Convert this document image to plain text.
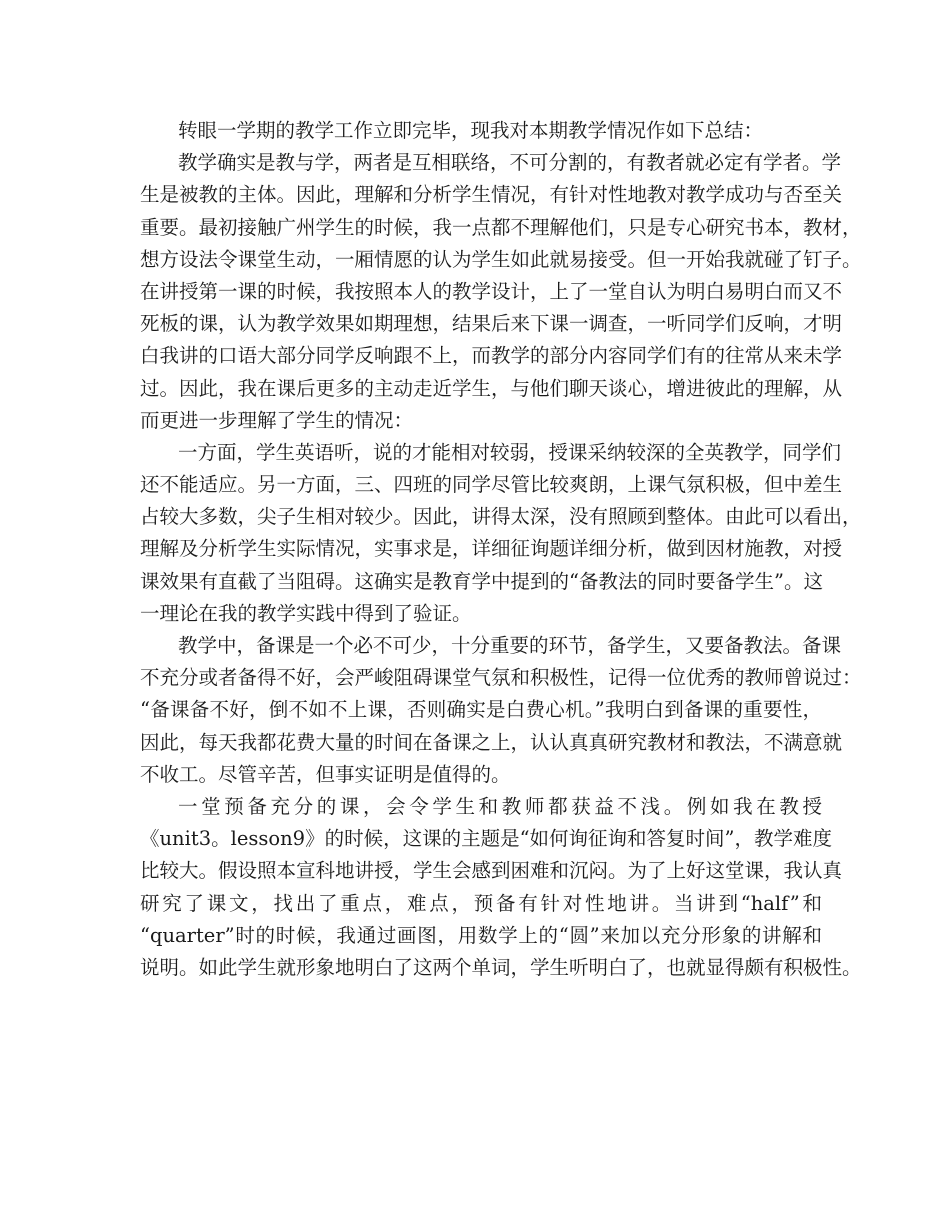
转眼一学期的教学工作立即完毕，现我对本期教学情况作如下总结：
教学确实是教与学，两者是互相联络，不可分割的，有教者就必定有学者。学
生是被教的主体。因此，理解和分析学生情况，有针对性地教对教学成功与否至关
重要。最初接触广州学生的时候，我一点都不理解他们，只是专心研究书本，教材，
想方设法令课堂生动，一厢情愿的认为学生如此就易接受。但一开始我就碰了钉子。
在讲授第一课的时候，我按照本人的教学设计，上了一堂自认为明白易明白而又不
死板的课，认为教学效果如期理想，结果后来下课一调查，一听同学们反响，才明
白我讲的口语大部分同学反响跟不上，而教学的部分内容同学们有的往常从来未学
过。因此，我在课后更多的主动走近学生，与他们聊天谈心，增进彼此的理解，从
而更进一步理解了学生的情况：
一方面，学生英语听，说的才能相对较弱，授课采纳较深的全英教学，同学们
还不能适应。另一方面，三、四班的同学尽管比较爽朗，上课气氛积极，但中差生
占较大多数，尖子生相对较少。因此，讲得太深，没有照顾到整体。由此可以看出，
理解及分析学生实际情况，实事求是，详细征询题详细分析，做到因材施教，对授
课效果有直截了当阻碍。这确实是教育学中提到的“备教法的同时要备学生”。这
一理论在我的教学实践中得到了验证。
教学中，备课是一个必不可少，十分重要的环节，备学生，又要备教法。备课
不充分或者备得不好，会严峻阻碍课堂气氛和积极性，记得一位优秀的教师曾说过：
“备课备不好，倒不如不上课，否则确实是白费心机。”我明白到备课的重要性，
因此，每天我都花费大量的时间在备课之上，认认真真研究教材和教法，不满意就
不收工。尽管辛苦，但事实证明是值得的。
一堂预备充分的课，会令学生和教师都获益不浅。例如我在教授
《unit3。lesson9》的时候，这课的主题是“如何询征询和答复时间”，教学难度
比较大。假设照本宣科地讲授，学生会感到困难和沉闷。为了上好这堂课，我认真
研究了课文，找出了重点，难点，预备有针对性地讲。当讲到“half”和
“quarter”时的时候，我通过画图，用数学上的“圆”来加以充分形象的讲解和
说明。如此学生就形象地明白了这两个单词，学生听明白了，也就显得颇有积极性。
